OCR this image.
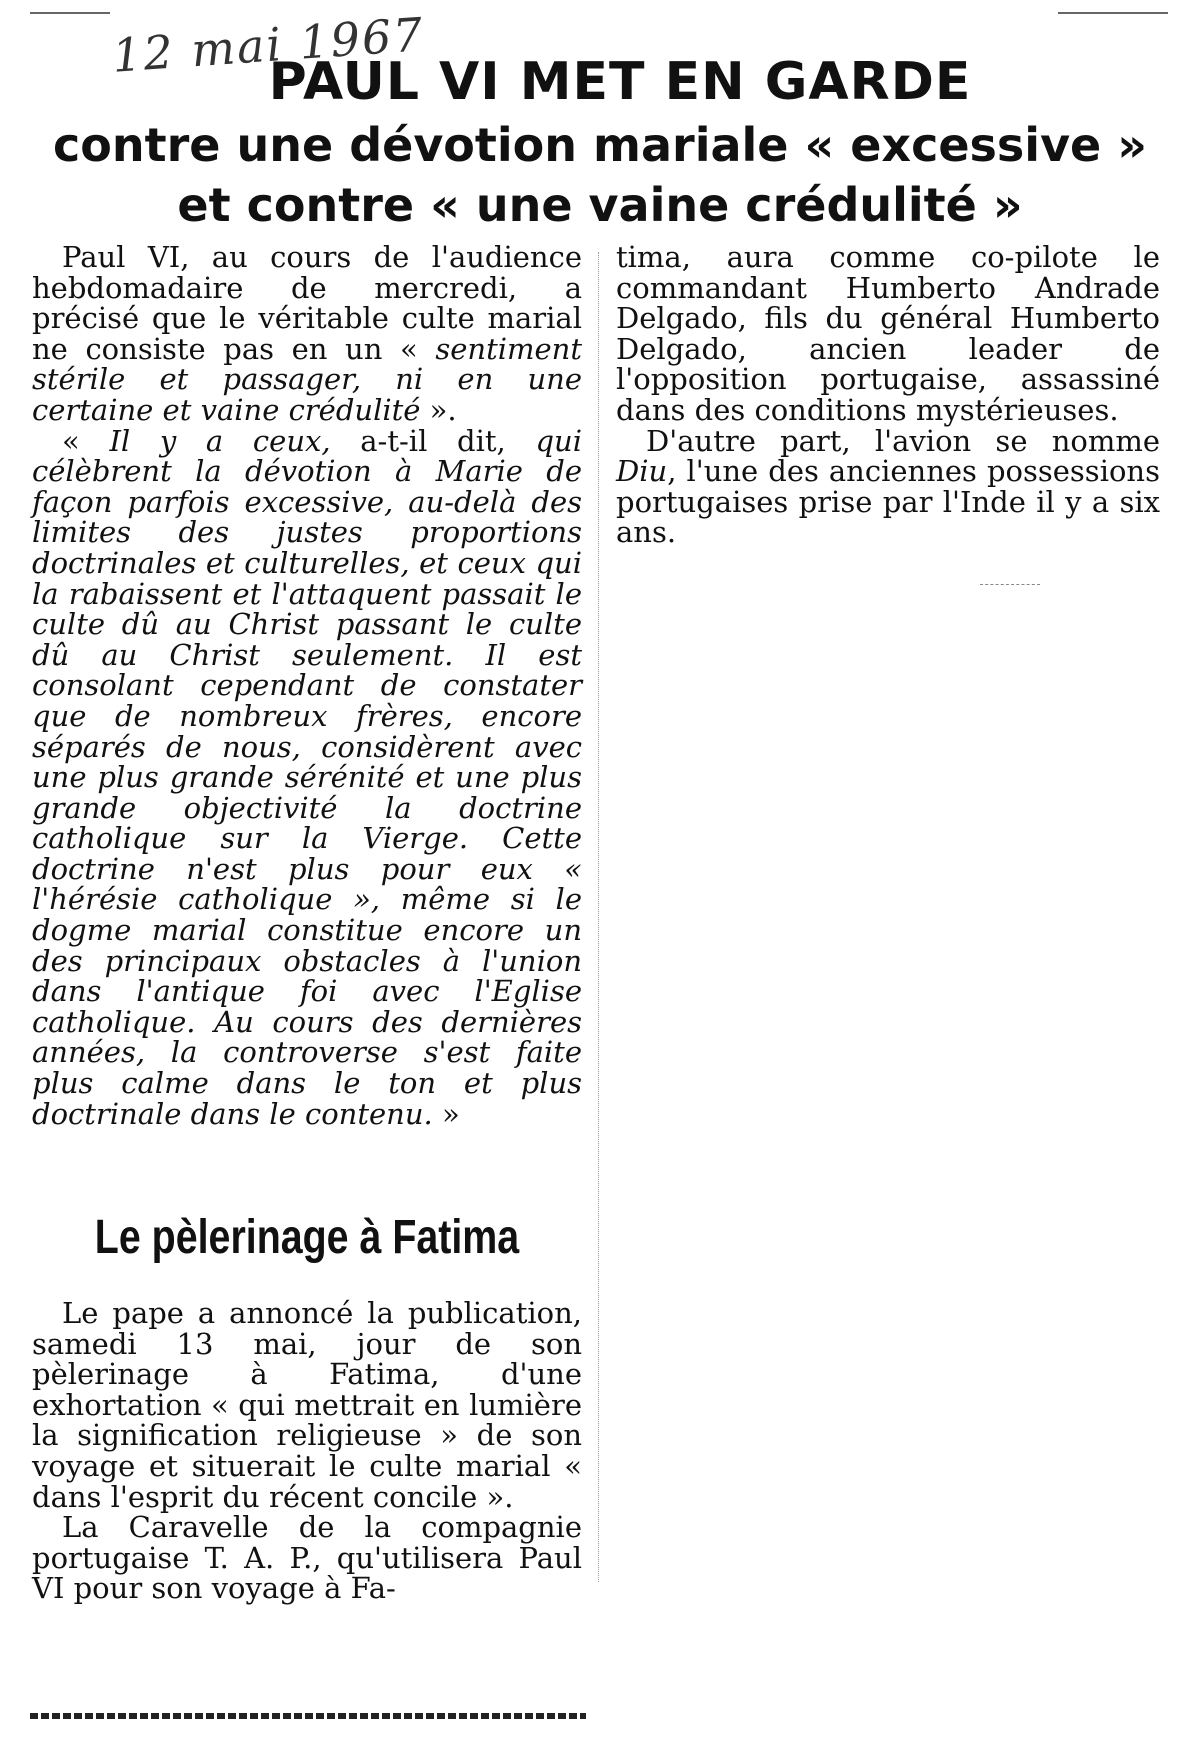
12 mai 1967
PAUL VI MET EN GARDE
contre une dévotion mariale « excessive »
et contre « une vaine crédulité »

Paul VI, au cours de l'audience hebdomadaire de mercredi, a précisé que le véritable culte marial ne consiste pas en un « sentiment stérile et passager, ni en une certaine et vaine crédulité ».

« Il y a ceux, a-t-il dit, qui célèbrent la dévotion à Marie de façon parfois excessive, au-delà des limites des justes proportions doctrinales et culturelles, et ceux qui la rabaissent et l'attaquent passait le culte dû au Christ passant le culte dû au Christ seulement. Il est consolant cependant de constater que de nombreux frères, encore séparés de nous, considèrent avec une plus grande sérénité et une plus grande objectivité la doctrine catholique sur la Vierge. Cette doctrine n'est plus pour eux « l'hérésie catholique », même si le dogme marial constitue encore un des principaux obstacles à l'union dans l'antique foi avec l'Eglise catholique. Au cours des dernières années, la controverse s'est faite plus calme dans le ton et plus doctrinale dans le contenu. »

Le pèlerinage à Fatima

Le pape a annoncé la publication, samedi 13 mai, jour de son pèlerinage à Fatima, d'une exhortation « qui mettrait en lumière la signification religieuse » de son voyage et situerait le culte marial « dans l'esprit du récent concile ».

La Caravelle de la compagnie portugaise T. A. P., qu'utilisera Paul VI pour son voyage à Fa-

tima, aura comme co-pilote le commandant Humberto Andrade Delgado, fils du général Humberto Delgado, ancien leader de l'opposition portugaise, assassiné dans des conditions mystérieuses.

D'autre part, l'avion se nomme Diu, l'une des anciennes possessions portugaises prise par l'Inde il y a six ans.
